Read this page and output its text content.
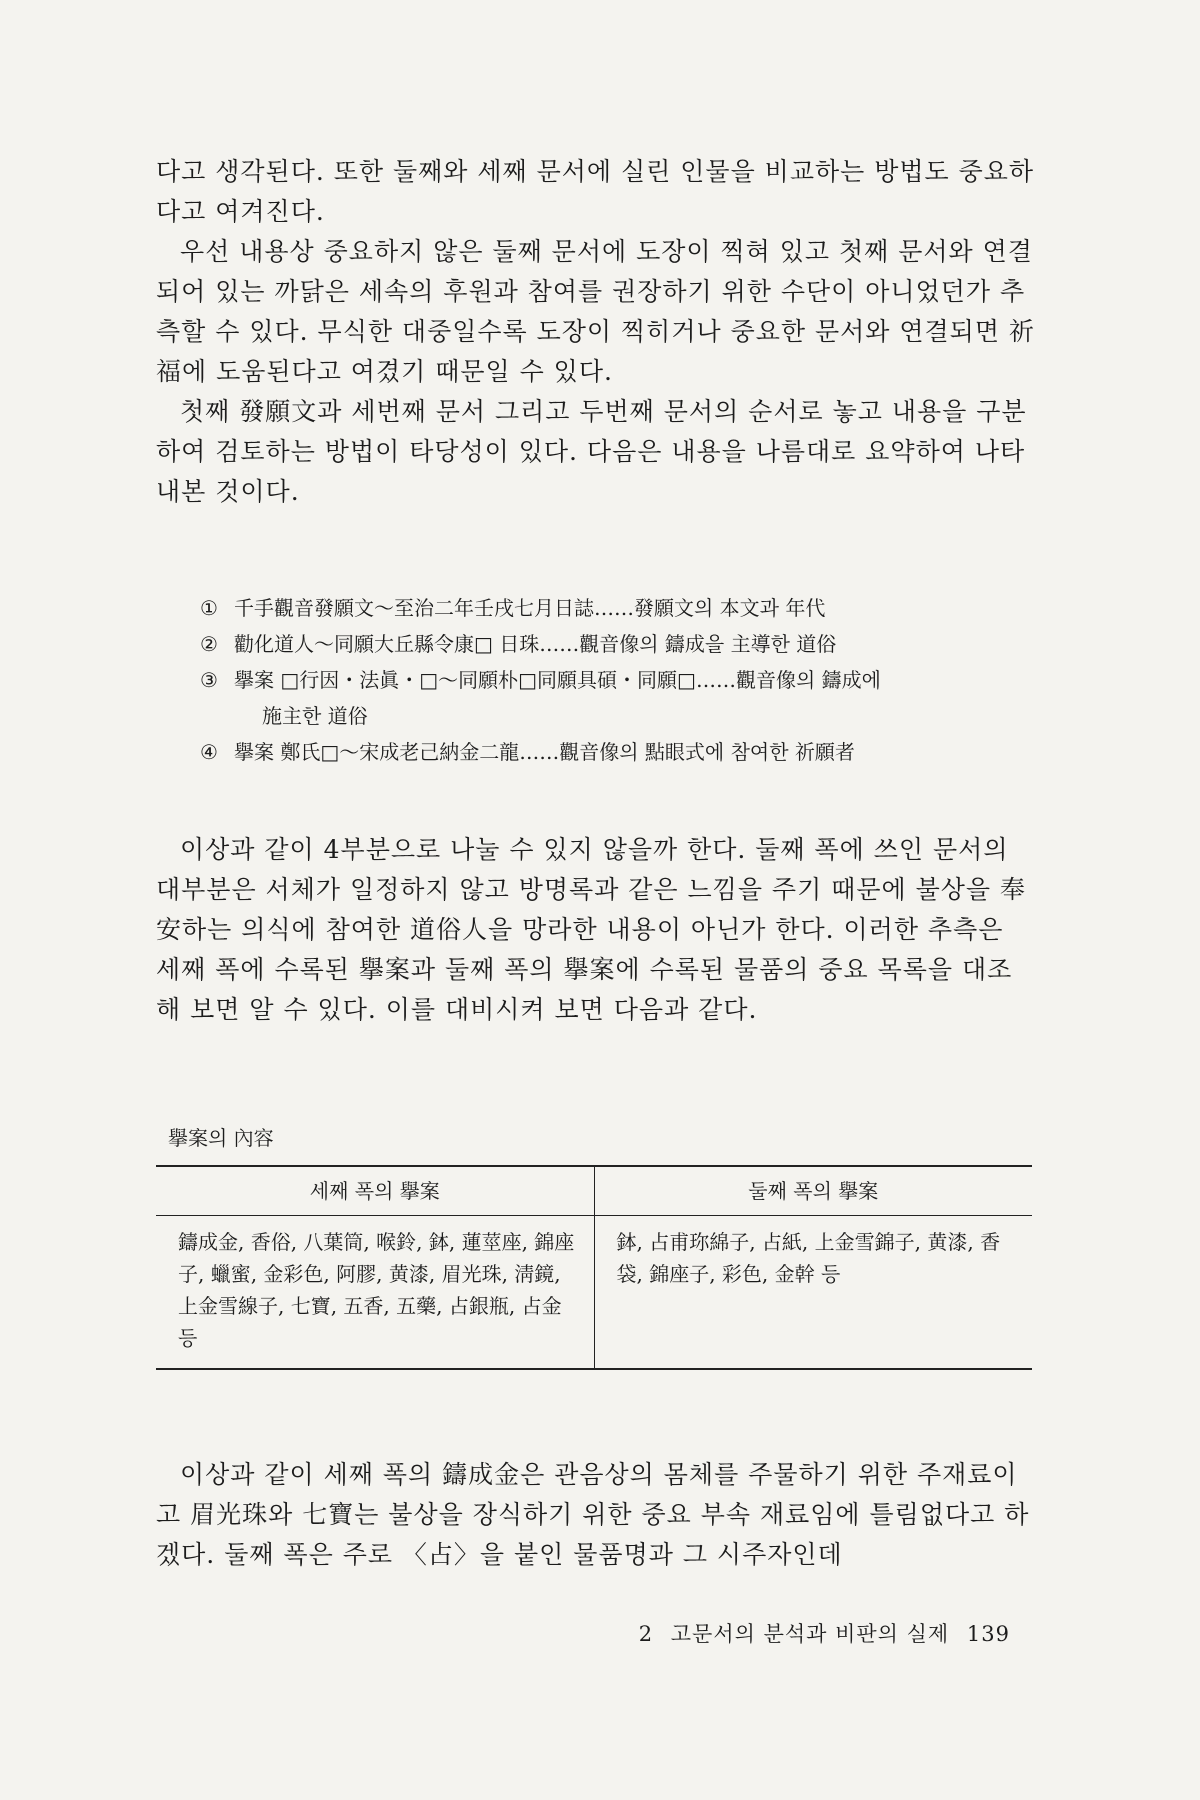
다고 생각된다. 또한 둘째와 세째 문서에 실린 인물을 비교하는 방법도 중요하다고 여겨진다.

우선 내용상 중요하지 않은 둘째 문서에 도장이 찍혀 있고 첫째 문서와 연결되어 있는 까닭은 세속의 후원과 참여를 권장하기 위한 수단이 아니었던가 추측할 수 있다. 무식한 대중일수록 도장이 찍히거나 중요한 문서와 연결되면 祈福에 도움된다고 여겼기 때문일 수 있다.

첫째 發願文과 세번째 문서 그리고 두번째 문서의 순서로 놓고 내용을 구분하여 검토하는 방법이 타당성이 있다. 다음은 내용을 나름대로 요약하여 나타내본 것이다.

① 千手觀音發願文～至治二年壬戌七月日誌……發願文의 本文과 年代
② 勸化道人～同願大丘縣令康□ 日珠……觀音像의 鑄成을 主導한 道俗
③ 擧案 □行因・法眞・□～同願朴□同願具碩・同願□……觀音像의 鑄成에
施主한 道俗
④ 擧案 鄭氏□～宋成老己納金二龍……觀音像의 點眼式에 참여한 祈願者

이상과 같이 4부분으로 나눌 수 있지 않을까 한다. 둘째 폭에 쓰인 문서의 대부분은 서체가 일정하지 않고 방명록과 같은 느낌을 주기 때문에 불상을 奉安하는 의식에 참여한 道俗人을 망라한 내용이 아닌가 한다. 이러한 추측은 세째 폭에 수록된 擧案과 둘째 폭의 擧案에 수록된 물품의 중요 목록을 대조해 보면 알 수 있다. 이를 대비시켜 보면 다음과 같다.

擧案의 內容
세째 폭의 擧案	둘째 폭의 擧案
鑄成金, 香俗, 八葉筒, 喉鈴, 鉢, 蓮莖座, 錦座子, 蠟蜜, 金彩色, 阿膠, 黄漆, 眉光珠, 淸鏡, 上金雪線子, 七寶, 五香, 五藥, 占銀瓶, 占金 등
鉢, 占甫珎綿子, 占紙, 上金雪錦子, 黄漆, 香袋, 錦座子, 彩色, 金幹 등

이상과 같이 세째 폭의 鑄成金은 관음상의 몸체를 주물하기 위한 주재료이고 眉光珠와 七寶는 불상을 장식하기 위한 중요 부속 재료임에 틀림없다고 하겠다. 둘째 폭은 주로 〈占〉을 붙인 물품명과 그 시주자인데

2 고문서의 분석과 비판의 실제 139
